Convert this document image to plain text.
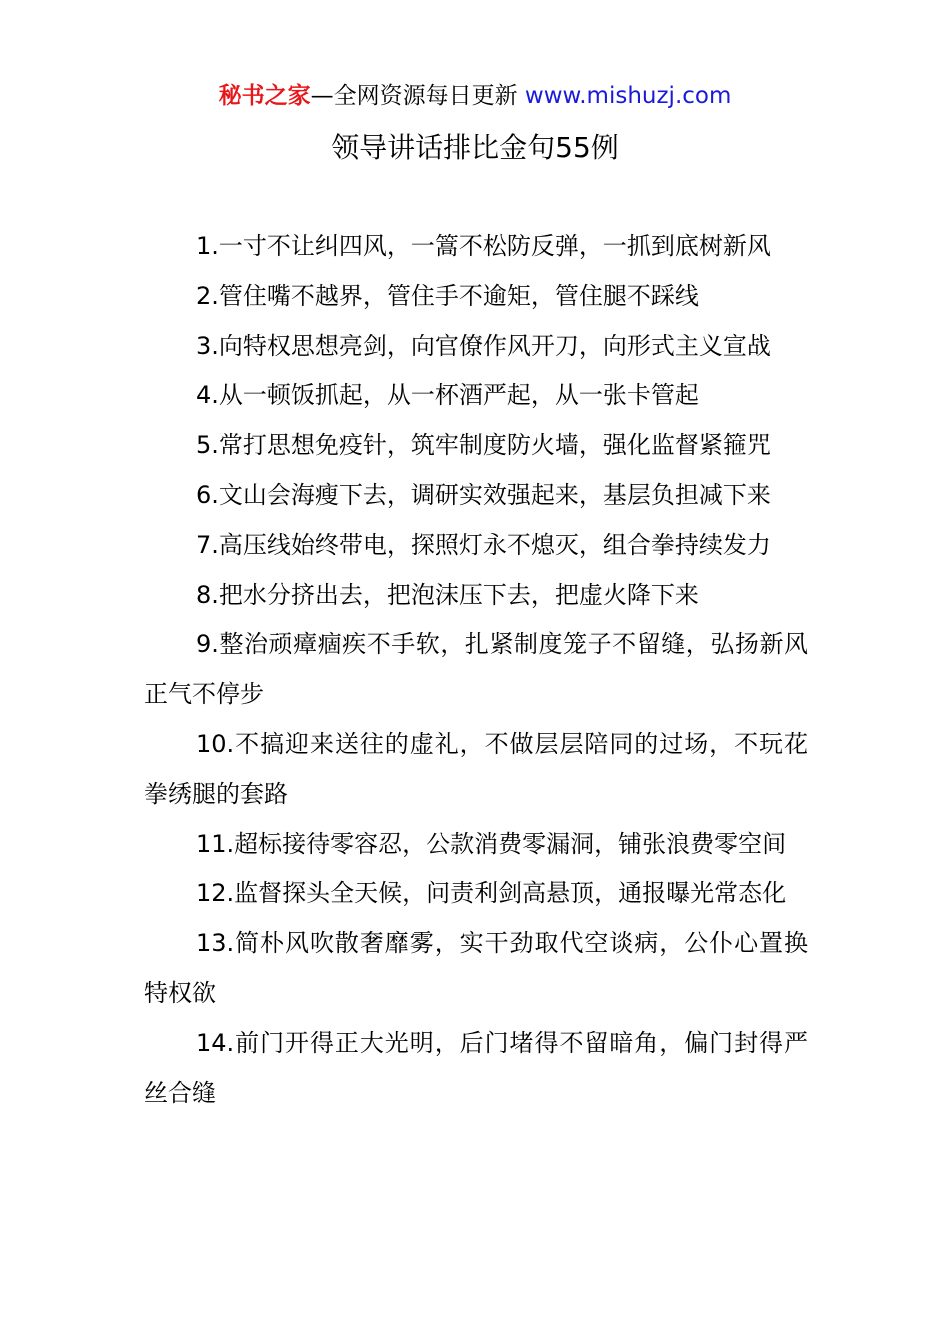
秘书之家—全网资源每日更新 www.mishuzj.com
领导讲话排比金句55例

1.一寸不让纠四风，一篙不松防反弹，一抓到底树新风

2.管住嘴不越界，管住手不逾矩，管住腿不踩线

3.向特权思想亮剑，向官僚作风开刀，向形式主义宣战

4.从一顿饭抓起，从一杯酒严起，从一张卡管起

5.常打思想免疫针，筑牢制度防火墙，强化监督紧箍咒

6.文山会海瘦下去，调研实效强起来，基层负担减下来

7.高压线始终带电，探照灯永不熄灭，组合拳持续发力

8.把水分挤出去，把泡沫压下去，把虚火降下来

9.整治顽瘴痼疾不手软，扎紧制度笼子不留缝，弘扬新风正气不停步

10.不搞迎来送往的虚礼，不做层层陪同的过场，不玩花拳绣腿的套路

11.超标接待零容忍，公款消费零漏洞，铺张浪费零空间

12.监督探头全天候，问责利剑高悬顶，通报曝光常态化

13.简朴风吹散奢靡雾，实干劲取代空谈病，公仆心置换特权欲

14.前门开得正大光明，后门堵得不留暗角，偏门封得严丝合缝
